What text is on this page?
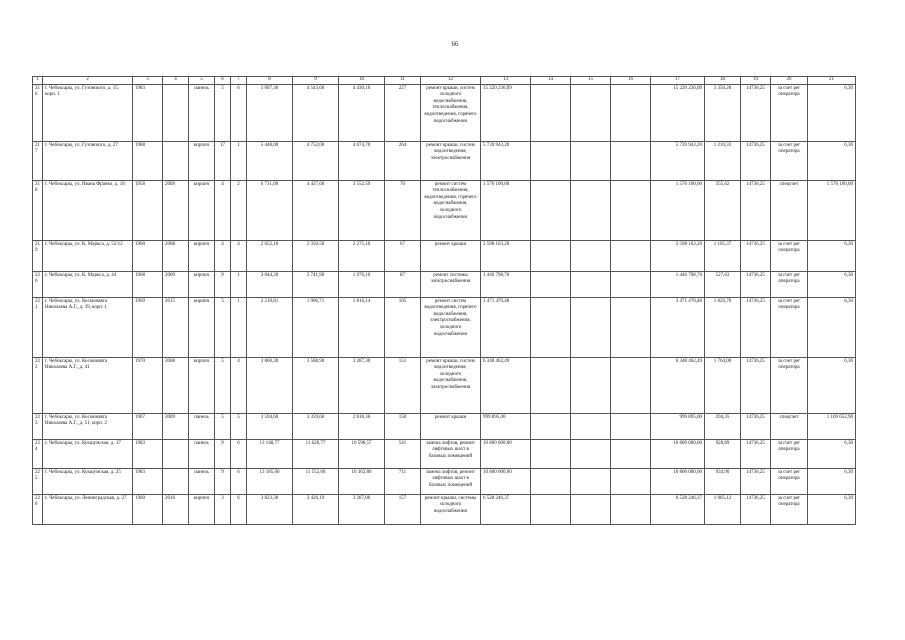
66
1	2	3	4	5	6	7	8	9	10	11	12	13	14	15	16	17	18	19	20	21
216	г. Чебоксары, ул. Гузовского, д. 15, корп. 1	1983		панель	5	6	5 007,30	4 543,60	4 430,10	227	ремонт крыши, систем холодного водоснабжения, теплоснабжения, водоотведения, горячего водоснабжения	15 220 236,09				15 220 236,09	3 350,26	14736,25	за счет рег оператора	6,30
217	г. Чебоксары, ул. Гузовского, д. 27	1988		кирпич	17	1	5 448,00	4 752,00	4 674,70	264	ремонт крыши, систем водоотведения, электроснабжения	5 739 943,20				5 739 943,20	1 210,33	14736,25	за счет рег оператора	6,30
218	г. Чебоксары, ул. Ивана Франко, д. 18	1958	2009	кирпич	4	2	6 731,00	4 437,60	3 552,59	70	ремонт систем теплоснабжения, водоотведения, горячего водоснабжения, холодного водоснабжения	1 576 100,00				1 576 100,00	355,62	14736,25	спецсчет	1 576 100,00
219	г. Чебоксары, ул. К. Маркса, д. 52/12	1960	2008	кирпич	4	4	2 652,10	2 350,50	2 275,10	67	ремонт крыши	2 598 163,20				2 598 163,20	1 105,37	14736,25	за счет рег оператора	6,30
220	г. Чебоксары, ул. К. Маркса, д. 44	1968	2009	кирпич	9	1	3 044,20	2 741,90	1 976,10	87	ремонт системы электроснабжения	1 446 798,76				1 446 798,76	527,63	14736,25	за счет рег оператора	6,30
221	г. Чебоксары, ул. Космонавта Николаева А.Г., д. 39, корп. 1	1969	2015	кирпич	5	1	2 210,81	1 906,71	1 816,14	105	ремонт систем водоотведения, горячего водоснабжения, электроснабжения, холодного водоснабжения	3 471 470,48				3 471 470,48	1 820,70	14736,25	за счет рег оператора	6,30
222	г. Чебоксары, ул. Космонавта Николаева А.Г., д. 41	1970	2008	кирпич	5	4	3 860,30	3 508,90	3 287,30	151	ремонт крыши, систем водоотведения, холодного водоснабжения, электроснабжения	6 348 462,49				6 348 462,49	1 764,00	14736,25	за счет рег оператора	6,30
223	г. Чебоксары, ул. Космонавта Николаева А.Г., д. 51, корп. 2	1967	2009	панель	5	5	3 594,60	3 359,60	2 818,36	150	ремонт крыши	999 895,00				999 895,00	294,35	14736,25	спецсчет	1 169 652,90
224	г. Чебоксары, ул. Кукшумская, д. 17	1983		панель	9	6	13 148,77	11 628,77	10 598,57	541	замена лифтов, ремонт лифтовых шахт в базовых помещений	10 800 000,00				10 800 000,00	928,89	14736,25	за счет рег оператора	6,30
225	г. Чебоксары, ул. Кукшумская, д. 25	1983		панель	9	6	13 185,00	11 552,00	10 362,80	711	замена лифтов, ремонт лифтовых шахт в базовых помещений	10 800 000,00				10 800 000,00	934,90	14736,25	за счет рег оператора	6,30
226	г. Чебоксары, ул. Ленинградская, д. 27	1960	2016	кирпич	3	6	3 823,30	3 426,19	3 267,00	157	ремонт крыши, системы холодного водоснабжения	6 528 246,37				6 528 246,37	1 905,12	14736,25	за счет рег оператора	6,30
